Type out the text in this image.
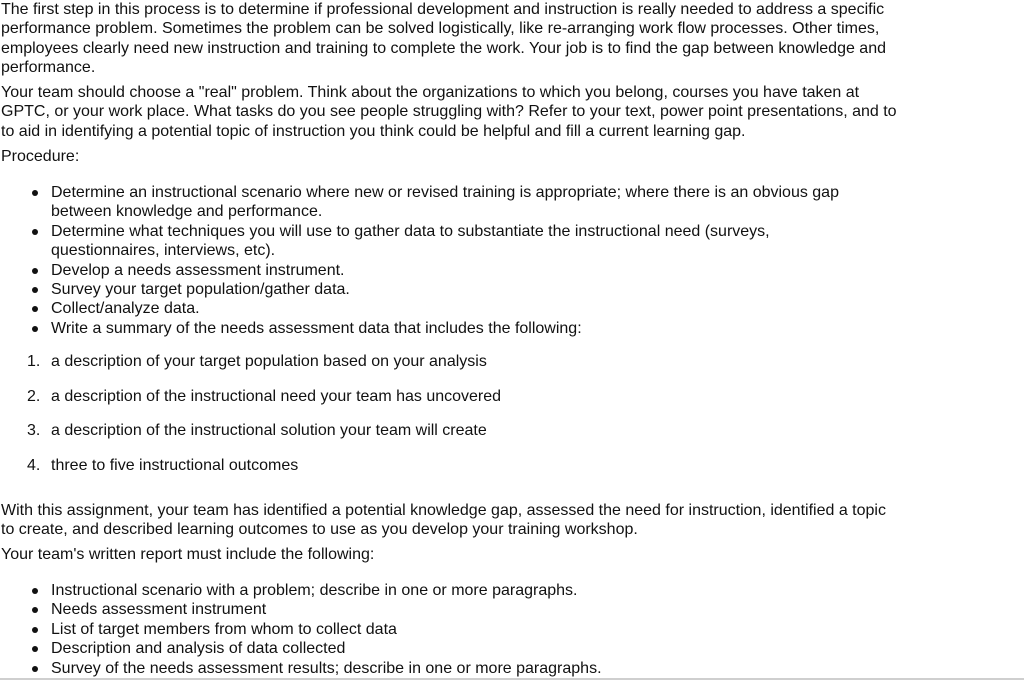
The first step in this process is to determine if professional development and instruction is really needed to address a specific performance problem. Sometimes the problem can be solved logistically, like re-arranging work flow processes. Other times, employees clearly need new instruction and training to complete the work. Your job is to find the gap between knowledge and performance.

Your team should choose a "real" problem. Think about the organizations to which you belong, courses you have taken at GPTC, or your work place. What tasks do you see people struggling with? Refer to your text, power point presentations, and to to aid in identifying a potential topic of instruction you think could be helpful and fill a current learning gap.

Procedure:

Determine an instructional scenario where new or revised training is appropriate; where there is an obvious gap between knowledge and performance.
Determine what techniques you will use to gather data to substantiate the instructional need (surveys, questionnaires, interviews, etc).
Develop a needs assessment instrument.
Survey your target population/gather data.
Collect/analyze data.
Write a summary of the needs assessment data that includes the following:
1. a description of your target population based on your analysis
2. a description of the instructional need your team has uncovered
3. a description of the instructional solution your team will create
4. three to five instructional outcomes

With this assignment, your team has identified a potential knowledge gap, assessed the need for instruction, identified a topic to create, and described learning outcomes to use as you develop your training workshop.

Your team's written report must include the following:

Instructional scenario with a problem; describe in one or more paragraphs.
Needs assessment instrument
List of target members from whom to collect data
Description and analysis of data collected
Survey of the needs assessment results; describe in one or more paragraphs.
